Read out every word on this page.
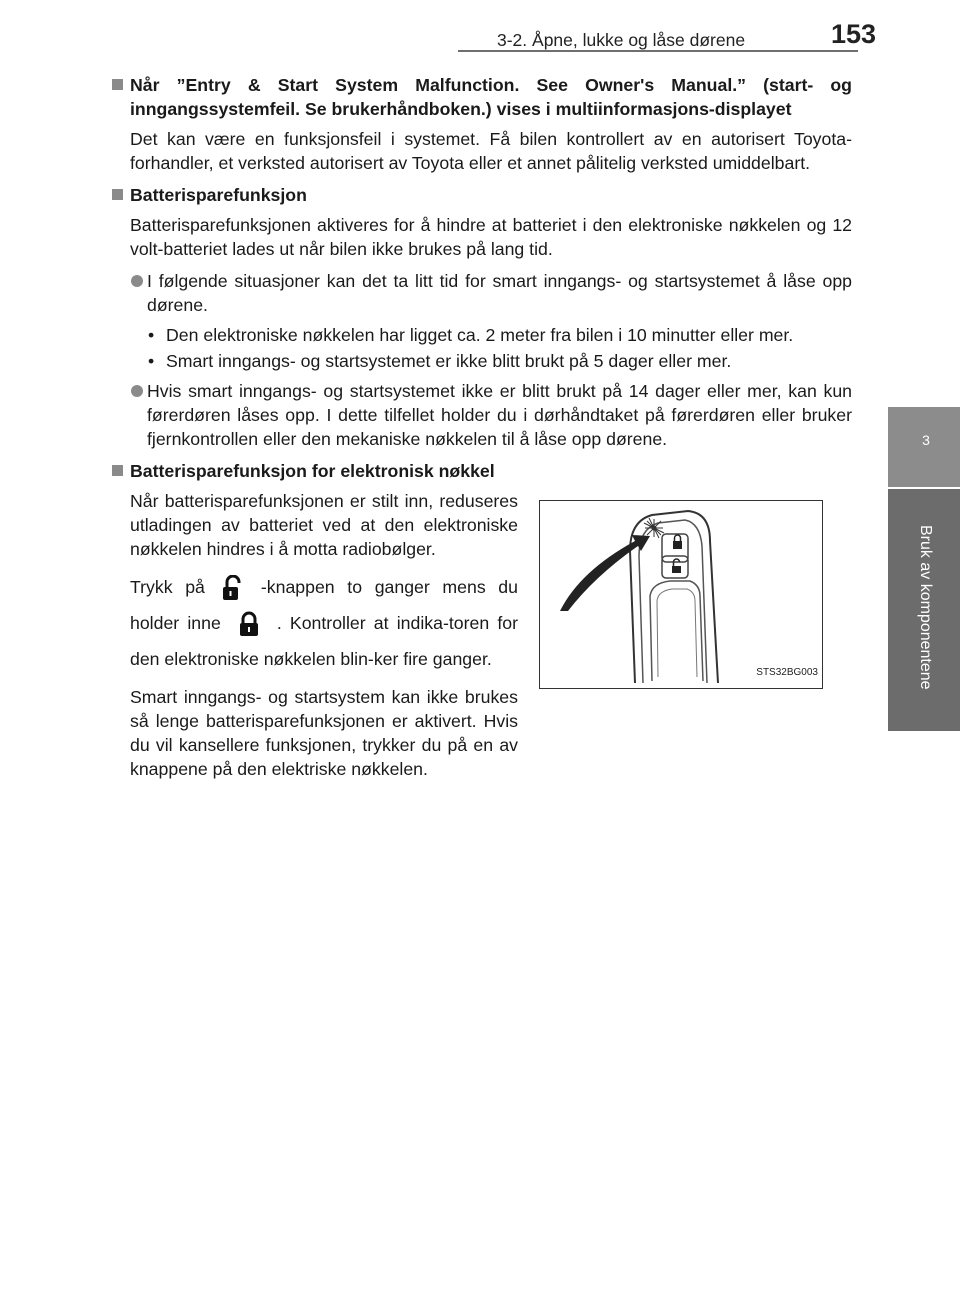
3-2. Åpne, lukke og låse dørene	153
3
Bruk av komponentene
Når ”Entry & Start System Malfunction. See Owner's Manual.” (start- og inngangssystemfeil. Se brukerhåndboken.) vises i multiinformasjons-displayet
Det kan være en funksjonsfeil i systemet. Få bilen kontrollert av en autorisert Toyota-forhandler, et verksted autorisert av Toyota eller et annet pålitelig verksted umiddelbart.
Batterisparefunksjon
Batterisparefunksjonen aktiveres for å hindre at batteriet i den elektroniske nøkkelen og 12 volt-batteriet lades ut når bilen ikke brukes på lang tid.
I følgende situasjoner kan det ta litt tid for smart inngangs- og startsystemet å låse opp dørene.
• Den elektroniske nøkkelen har ligget ca. 2 meter fra bilen i 10 minutter eller mer.
• Smart inngangs- og startsystemet er ikke blitt brukt på 5 dager eller mer.
Hvis smart inngangs- og startsystemet ikke er blitt brukt på 14 dager eller mer, kan kun førerdøren låses opp. I dette tilfellet holder du i dørhåndtaket på førerdøren eller bruker fjernkontrollen eller den mekaniske nøkkelen til å låse opp dørene.
Batterisparefunksjon for elektronisk nøkkel

Når batterisparefunksjonen er stilt inn, reduseres utladingen av batteriet ved at den elektroniske nøkkelen hindres i å motta radiobølger.

Trykk på	-knappen to ganger mens du holder inne	. Kontroller at indika-toren for den elektroniske nøkkelen blin-ker fire ganger.

Smart inngangs- og startsystem kan ikke brukes så lenge batterisparefunksjonen er aktivert. Hvis du vil kansellere funksjonen, trykker du på en av knappene på den elektriske nøkkelen.

STS32BG003
